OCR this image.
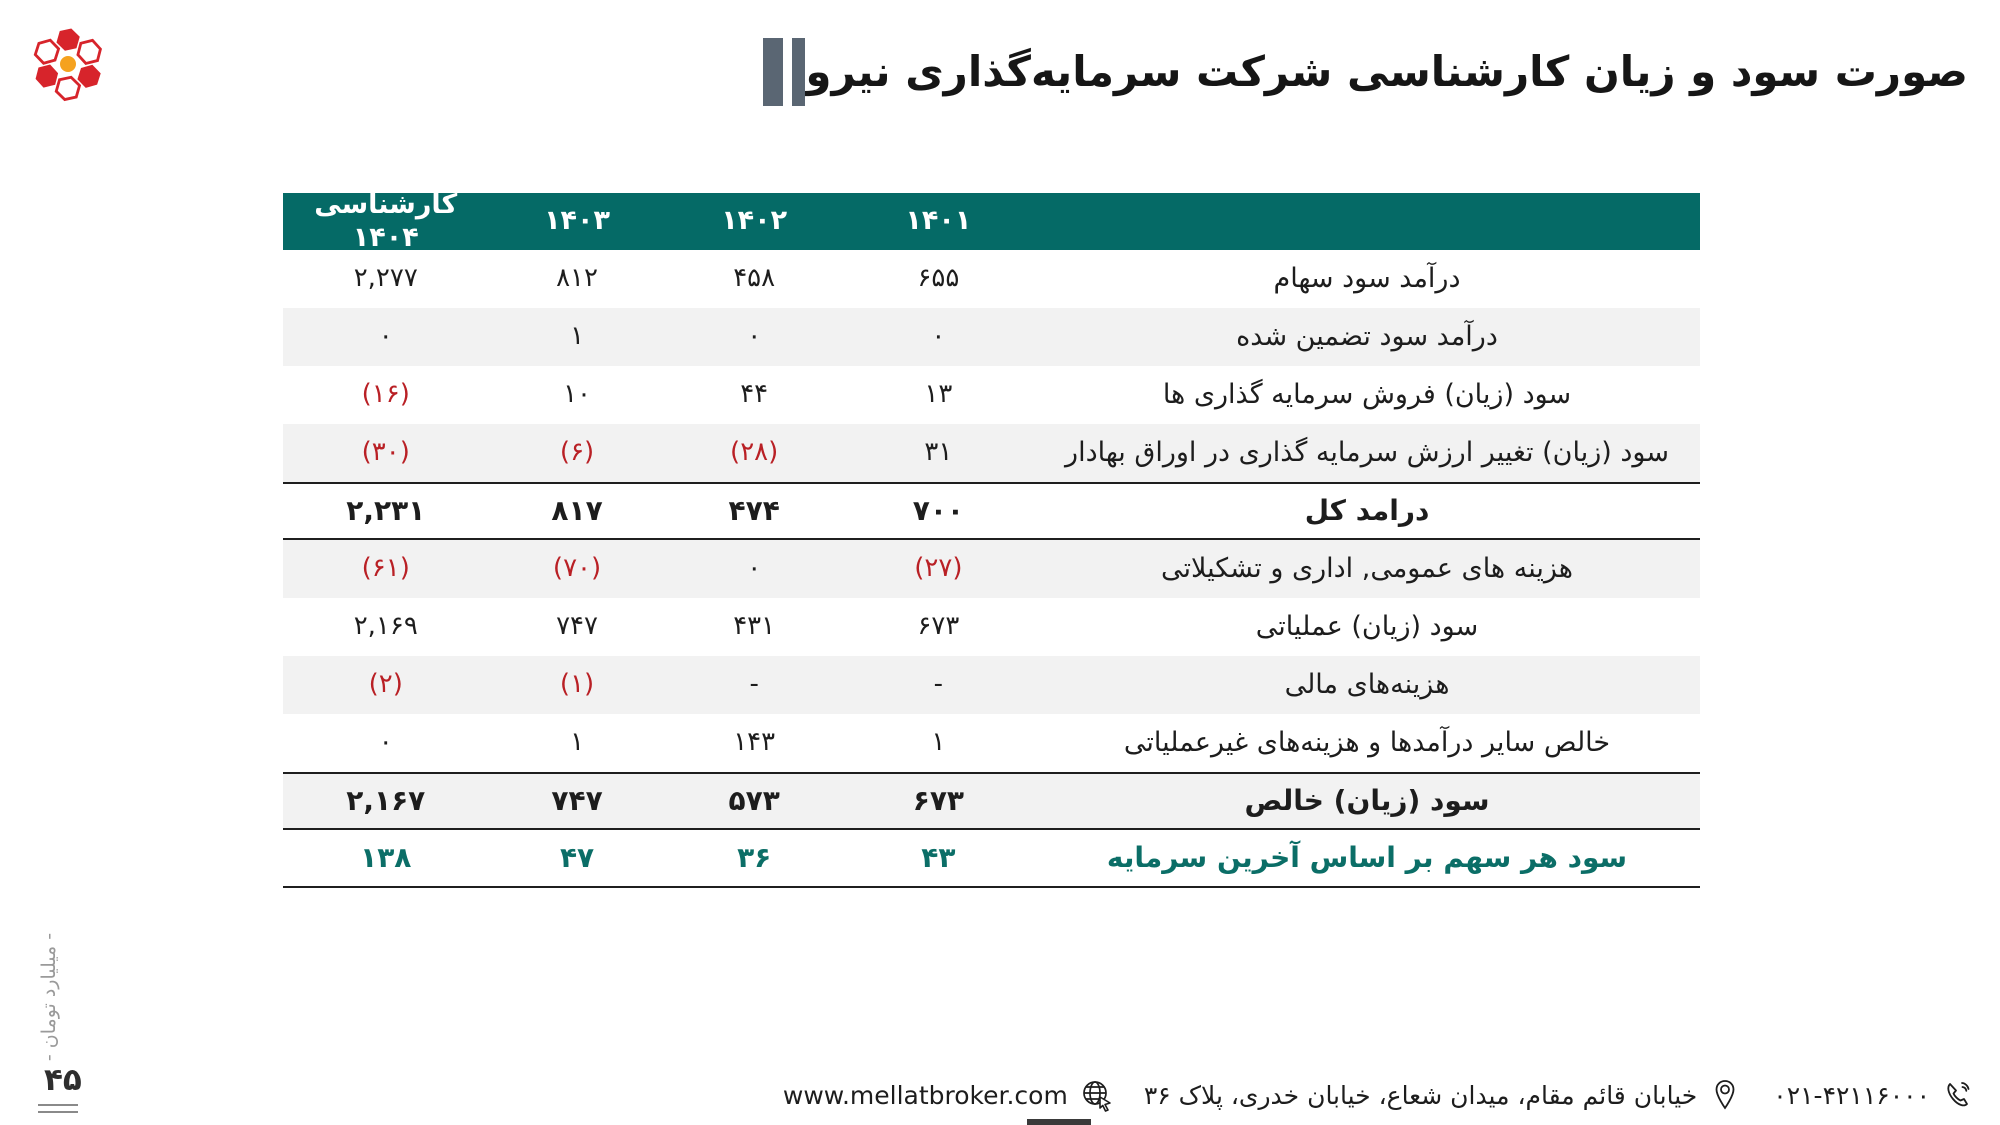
صورت سود و زیان کارشناسی شرکت سرمایه‌گذاری نیرو
۱۴۰۱
۱۴۰۲
۱۴۰۳
کارشناسی ۱۴۰۴
درآمد سود سهام
۶۵۵
۴۵۸
۸۱۲
۲,۲۷۷
درآمد سود تضمین شده
۰
۰
۱
۰
سود (زیان) فروش سرمایه گذاری ها
۱۳
۴۴
۱۰
(۱۶)
سود (زیان) تغییر ارزش سرمایه گذاری در اوراق بهادار
۳۱
(۲۸)
(۶)
(۳۰)
درامد کل
۷۰۰
۴۷۴
۸۱۷
۲,۲۳۱
هزینه های عمومی, اداری و تشکیلاتی
(۲۷)
۰
(۷۰)
(۶۱)
سود (زیان) عملیاتی
۶۷۳
۴۳۱
۷۴۷
۲,۱۶۹
هزینه‌های مالی
-
-
(۱)
(۲)
خالص سایر درآمدها و هزینه‌های غیرعملیاتی
۱
۱۴۳
۱
۰
سود (زیان) خالص
۶۷۳
۵۷۳
۷۴۷
۲,۱۶۷
سود هر سهم بر اساس آخرین سرمایه
۴۳
۳۶
۴۷
۱۳۸
- میلیارد تومان -
۴۵	۰۲۱-۴۲۱۱۶۰۰۰
خیابان قائم مقام، میدان شعاع، خیابان خدری، پلاک ۳۶
www.mellatbroker.com
